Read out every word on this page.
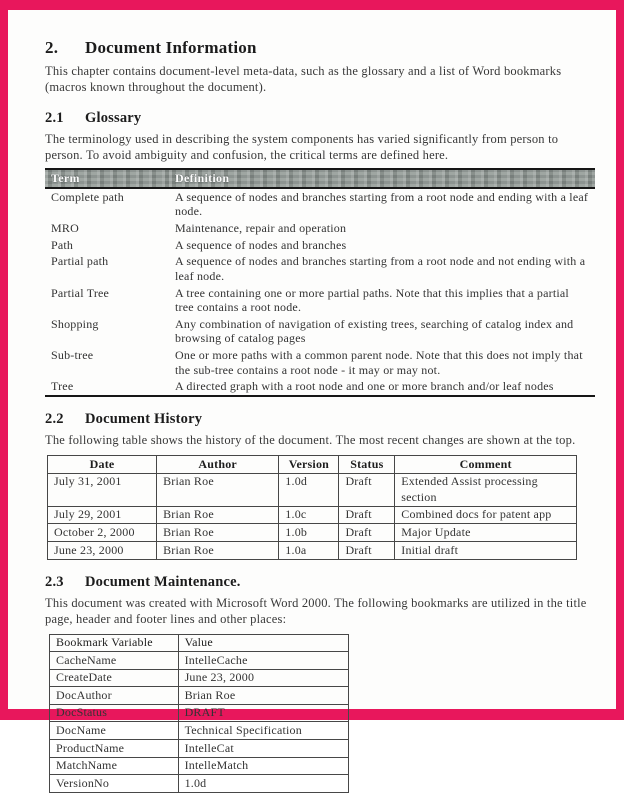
2. Document Information

This chapter contains document-level meta-data, such as the glossary and a list of Word bookmarks (macros known throughout the document).

2.1 Glossary

The terminology used in describing the system components has varied significantly from person to person. To avoid ambiguity and confusion, the critical terms are defined here.

Term	Definition
Complete path	A sequence of nodes and branches starting from a root node and ending with a leaf node.
MRO	Maintenance, repair and operation
Path	A sequence of nodes and branches
Partial path	A sequence of nodes and branches starting from a root node and not ending with a leaf node.
Partial Tree	A tree containing one or more partial paths. Note that this implies that a partial tree contains a root node.
Shopping	Any combination of navigation of existing trees, searching of catalog index and browsing of catalog pages
Sub-tree	One or more paths with a common parent node. Note that this does not imply that the sub-tree contains a root node - it may or may not.
Tree	A directed graph with a root node and one or more branch and/or leaf nodes
2.2 Document History

The following table shows the history of the document. The most recent changes are shown at the top.

Date	Author	Version	Status	Comment
July 31, 2001	Brian Roe	1.0d	Draft	Extended Assist processing section
July 29, 2001	Brian Roe	1.0c	Draft	Combined docs for patent app
October 2, 2000	Brian Roe	1.0b	Draft	Major Update
June 23, 2000	Brian Roe	1.0a	Draft	Initial draft
2.3 Document Maintenance.

This document was created with Microsoft Word 2000. The following bookmarks are utilized in the title page, header and footer lines and other places:

Bookmark Variable	Value
CacheName	IntelleCache
CreateDate	June 23, 2000
DocAuthor	Brian Roe
DocStatus	DRAFT
DocName	Technical Specification
ProductName	IntelleCat
MatchName	IntelleMatch
VersionNo	1.0d
